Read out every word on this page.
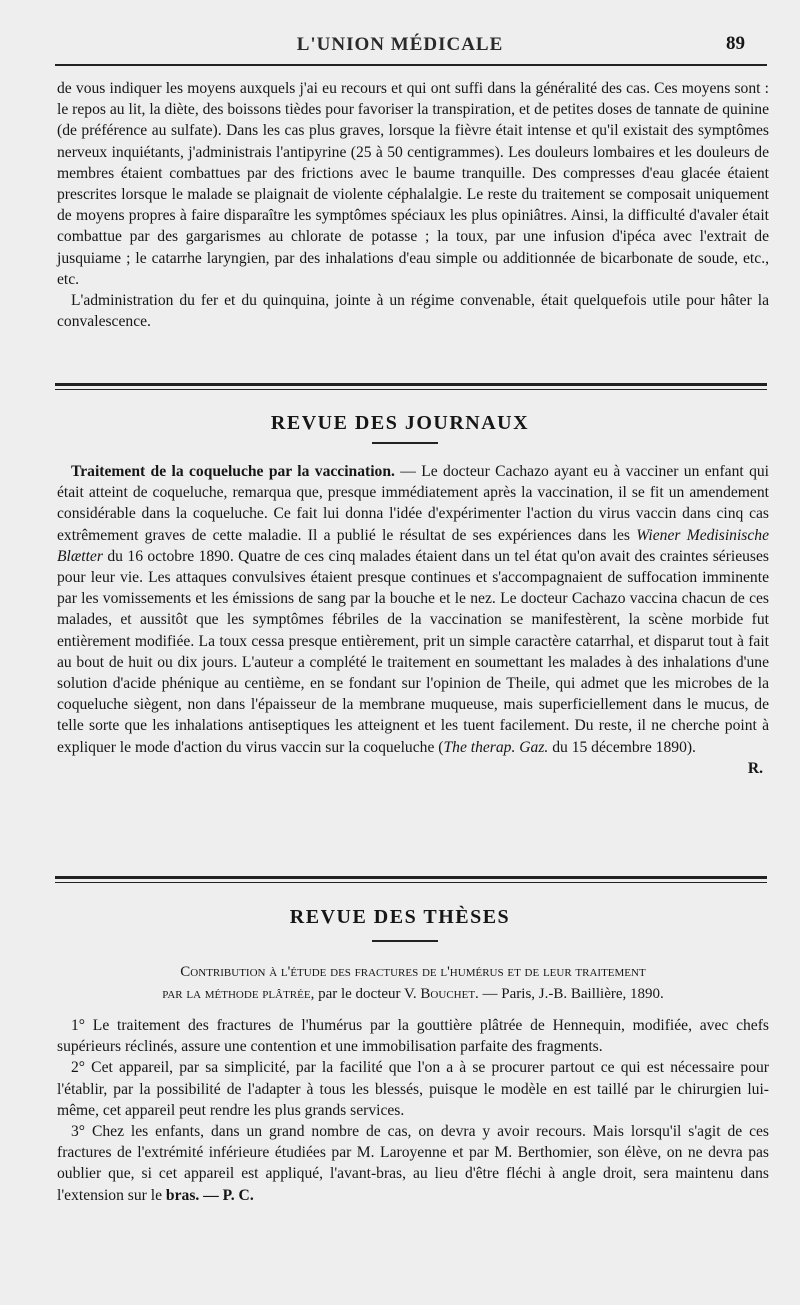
L'UNION MÉDICALE	89

de vous indiquer les moyens auxquels j'ai eu recours et qui ont suffi dans la généralité des cas. Ces moyens sont : le repos au lit, la diète, des boissons tièdes pour favoriser la transpiration, et de petites doses de tannate de quinine (de préférence au sulfate). Dans les cas plus graves, lorsque la fièvre était intense et qu'il existait des symptômes nerveux inquiétants, j'administrais l'antipyrine (25 à 50 centigrammes). Les douleurs lombaires et les douleurs de membres étaient combattues par des frictions avec le baume tranquille. Des compresses d'eau glacée étaient prescrites lorsque le malade se plaignait de violente céphalalgie. Le reste du traitement se composait uniquement de moyens propres à faire disparaître les symptômes spéciaux les plus opiniâtres. Ainsi, la difficulté d'avaler était combattue par des gargarismes au chlorate de potasse ; la toux, par une infusion d'ipéca avec l'extrait de jusquiame ; le catarrhe laryngien, par des inhalations d'eau simple ou additionnée de bicarbonate de soude, etc., etc.

L'administration du fer et du quinquina, jointe à un régime convenable, était quelquefois utile pour hâter la convalescence.

REVUE DES JOURNAUX

Traitement de la coqueluche par la vaccination. — Le docteur Cachazo ayant eu à vacciner un enfant qui était atteint de coqueluche, remarqua que, presque immédiatement après la vaccination, il se fit un amendement considérable dans la coqueluche. Ce fait lui donna l'idée d'expérimenter l'action du virus vaccin dans cinq cas extrêmement graves de cette maladie. Il a publié le résultat de ses expériences dans les Wiener Medisinische Blætter du 16 octobre 1890. Quatre de ces cinq malades étaient dans un tel état qu'on avait des craintes sérieuses pour leur vie. Les attaques convulsives étaient presque continues et s'accompagnaient de suffocation imminente par les vomissements et les émissions de sang par la bouche et le nez. Le docteur Cachazo vaccina chacun de ces malades, et aussitôt que les symptômes fébriles de la vaccination se manifestèrent, la scène morbide fut entièrement modifiée. La toux cessa presque entièrement, prit un simple caractère catarrhal, et disparut tout à fait au bout de huit ou dix jours. L'auteur a complété le traitement en soumettant les malades à des inhalations d'une solution d'acide phénique au centième, en se fondant sur l'opinion de Theile, qui admet que les microbes de la coqueluche siègent, non dans l'épaisseur de la membrane muqueuse, mais superficiellement dans le mucus, de telle sorte que les inhalations antiseptiques les atteignent et les tuent facilement. Du reste, il ne cherche point à expliquer le mode d'action du virus vaccin sur la coqueluche (The therap. Gaz. du 15 décembre 1890).

R.

REVUE DES THÈSES
Contribution à l'étude des fractures de l'humérus et de leur traitement
par la méthode plâtrée, par le docteur V. Bouchet. — Paris, J.-B. Baillière, 1890.

1° Le traitement des fractures de l'humérus par la gouttière plâtrée de Hennequin, modifiée, avec chefs supérieurs réclinés, assure une contention et une immobilisation parfaite des fragments.

2° Cet appareil, par sa simplicité, par la facilité que l'on a à se procurer partout ce qui est nécessaire pour l'établir, par la possibilité de l'adapter à tous les blessés, puisque le modèle en est taillé par le chirurgien lui-même, cet appareil peut rendre les plus grands services.

3° Chez les enfants, dans un grand nombre de cas, on devra y avoir recours. Mais lorsqu'il s'agit de ces fractures de l'extrémité inférieure étudiées par M. Laroyenne et par M. Berthomier, son élève, on ne devra pas oublier que, si cet appareil est appliqué, l'avant-bras, au lieu d'être fléchi à angle droit, sera maintenu dans l'extension sur le bras. — P. C.
